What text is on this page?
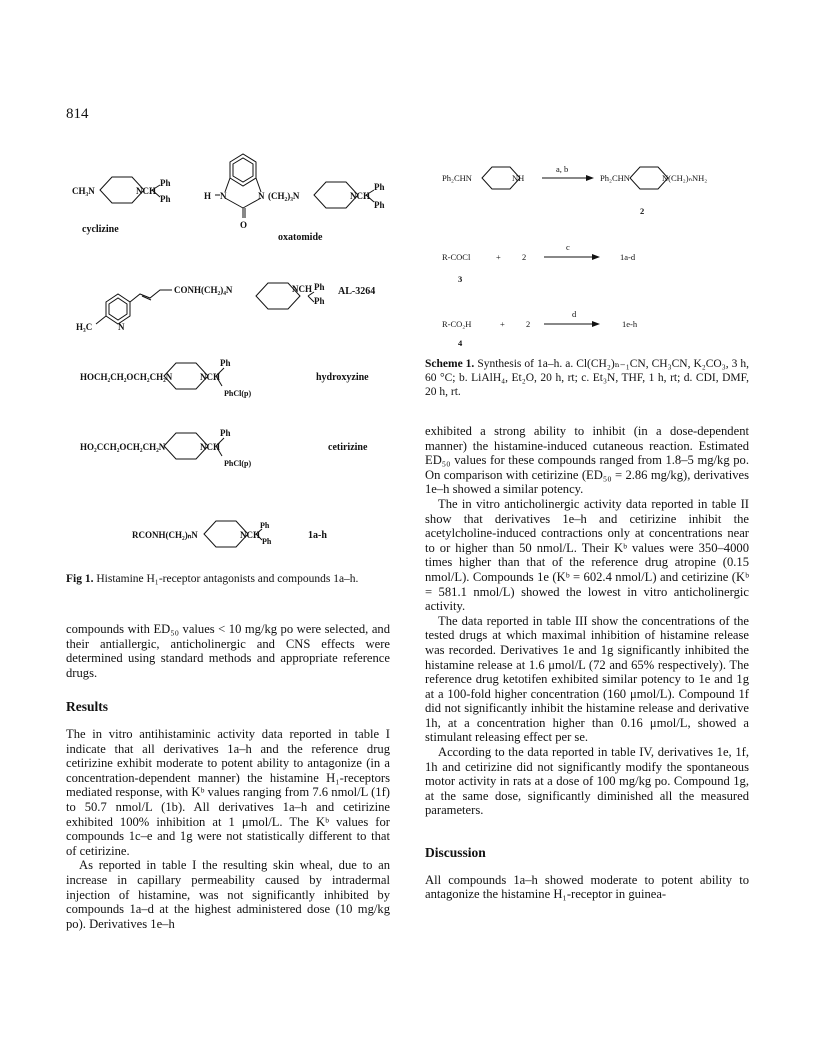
814
CH₃N	NCH
Ph
Ph
cyclizine
H N	N (CH₂)₃N	NCH
Ph
Ph
O
oxatomide
CONH(CH₂)₄N	NCH Ph
Ph
N
H₃C
AL-3264
HOCH₂CH₂OCH₂CH₂N	NCH
Ph
PhCl(p)
hydroxyzine
HO₂CCH₂OCH₂CH₂N	NCH
Ph
PhCl(p)
cetirizine
RCONH(CH₂)ₙN	NCH
Ph
Ph
1a-h
Fig 1. Histamine H₁-receptor antagonists and compounds 1a–h.
Ph₂CHN	NH
a, b
Ph₂CHN	N(CH₂)ₙNH₂
2
R-COCl	+ 2
c
1a-d
3
R-CO₂H	+ 2
d
1e-h
4
Scheme 1. Synthesis of 1a–h. a. Cl(CH₂)ₙ₋₁CN, CH₃CN, K₂CO₃, 3 h, 60 °C; b. LiAlH₄, Et₂O, 20 h, rt; c. Et₃N, THF, 1 h, rt; d. CDI, DMF, 20 h, rt.

compounds with ED₅₀ values < 10 mg/kg po were selected, and their antiallergic, anticholinergic and CNS effects were determined using standard methods and appropriate reference drugs.

Results

The in vitro antihistaminic activity data reported in table I indicate that all derivatives 1a–h and the reference drug cetirizine exhibit moderate to potent ability to antagonize (in a concentration-dependent manner) the histamine H₁-receptors mediated response, with Kᵇ values ranging from 7.6 nmol/L (1f) to 50.7 nmol/L (1b). All derivatives 1a–h and cetirizine exhibited 100% inhibition at 1 μmol/L. The Kᵇ values for compounds 1c–e and 1g were not statistically different to that of cetirizine.

As reported in table I the resulting skin wheal, due to an increase in capillary permeability caused by intradermal injection of histamine, was not significantly inhibited by compounds 1a–d at the highest administered dose (10 mg/kg po). Derivatives 1e–h

exhibited a strong ability to inhibit (in a dose-dependent manner) the histamine-induced cutaneous reaction. Estimated ED₅₀ values for these compounds ranged from 1.8–5 mg/kg po. On comparison with cetirizine (ED₅₀ = 2.86 mg/kg), derivatives 1e–h showed a similar potency.

The in vitro anticholinergic activity data reported in table II show that derivatives 1e–h and cetirizine inhibit the acetylcholine-induced contractions only at concentrations near to or higher than 50 nmol/L. Their Kᵇ values were 350–4000 times higher than that of the reference drug atropine (0.15 nmol/L). Compounds 1e (Kᵇ = 602.4 nmol/L) and cetirizine (Kᵇ = 581.1 nmol/L) showed the lowest in vitro anticholinergic activity.

The data reported in table III show the concentrations of the tested drugs at which maximal inhibition of histamine release was recorded. Derivatives 1e and 1g significantly inhibited the histamine release at 1.6 μmol/L (72 and 65% respectively). The reference drug ketotifen exhibited similar potency to 1e and 1g at a 100-fold higher concentration (160 μmol/L). Compound 1f did not significantly inhibit the histamine release and derivative 1h, at a concentration higher than 0.16 μmol/L, showed a stimulant releasing effect per se.

According to the data reported in table IV, derivatives 1e, 1f, 1h and cetirizine did not significantly modify the spontaneous motor activity in rats at a dose of 100 mg/kg po. Compound 1g, at the same dose, significantly diminished all the measured parameters.

Discussion

All compounds 1a–h showed moderate to potent ability to antagonize the histamine H₁-receptor in guinea-
